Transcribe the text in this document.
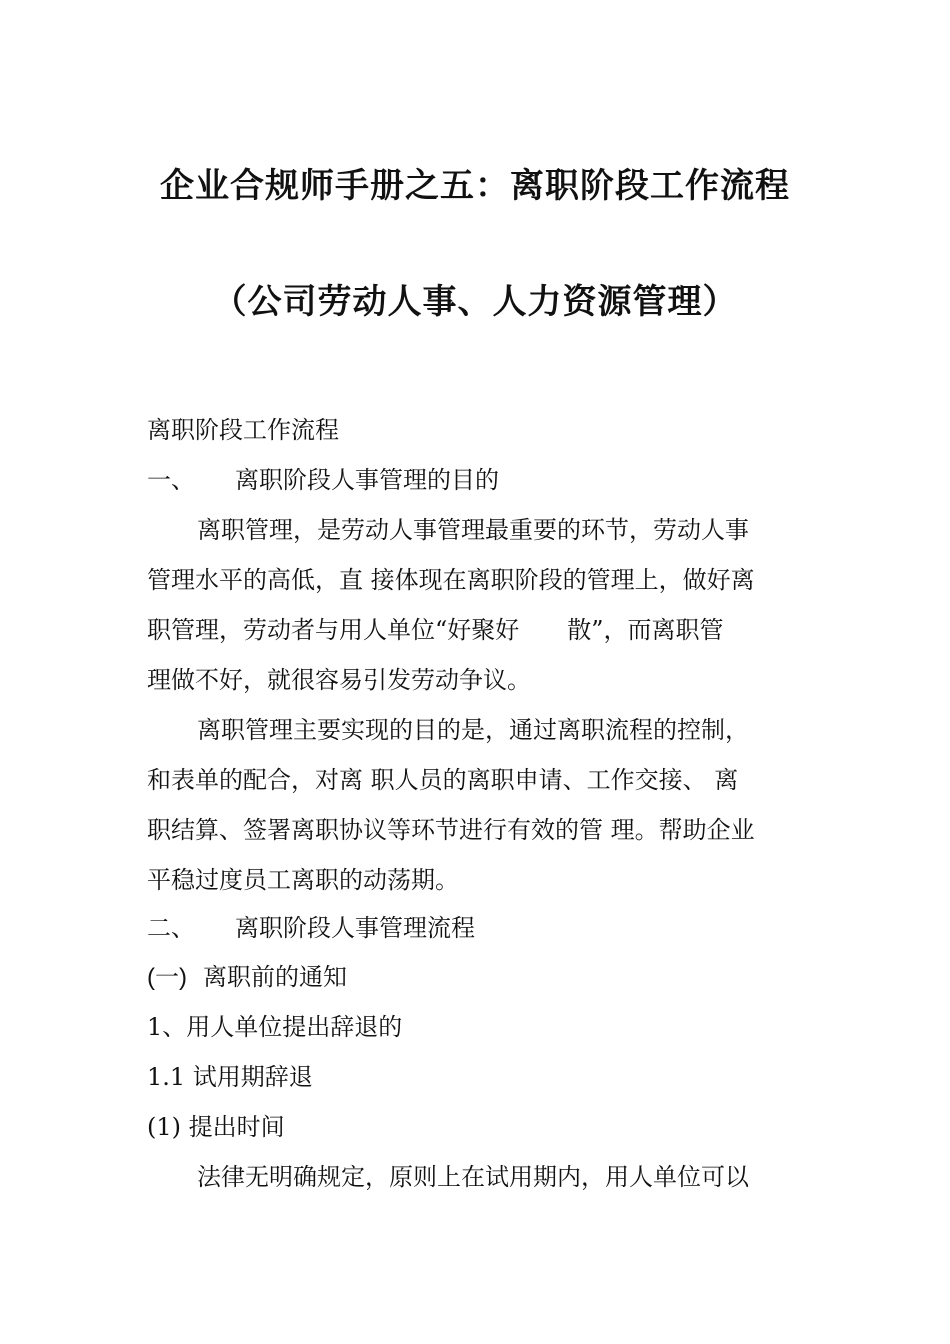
企业合规师手册之五：离职阶段工作流程
（公司劳动人事、人力资源管理）
离职阶段工作流程
一、 离职阶段人事管理的目的
离职管理，是劳动人事管理最重要的环节，劳动人事
管理水平的高低，直 接体现在离职阶段的管理上，做好离
职管理，劳动者与用人单位“好聚好　　散”，而离职管
理做不好，就很容易引发劳动争议。
离职管理主要实现的目的是，通过离职流程的控制，
和表单的配合，对离 职人员的离职申请、工作交接、 离
职结算、签署离职协议等环节进行有效的管 理。帮助企业
平稳过度员工离职的动荡期。
二、 离职阶段人事管理流程
(一) 离职前的通知
1、用人单位提出辞退的
1.1 试用期辞退
(1) 提出时间
法律无明确规定，原则上在试用期内，用人单位可以
